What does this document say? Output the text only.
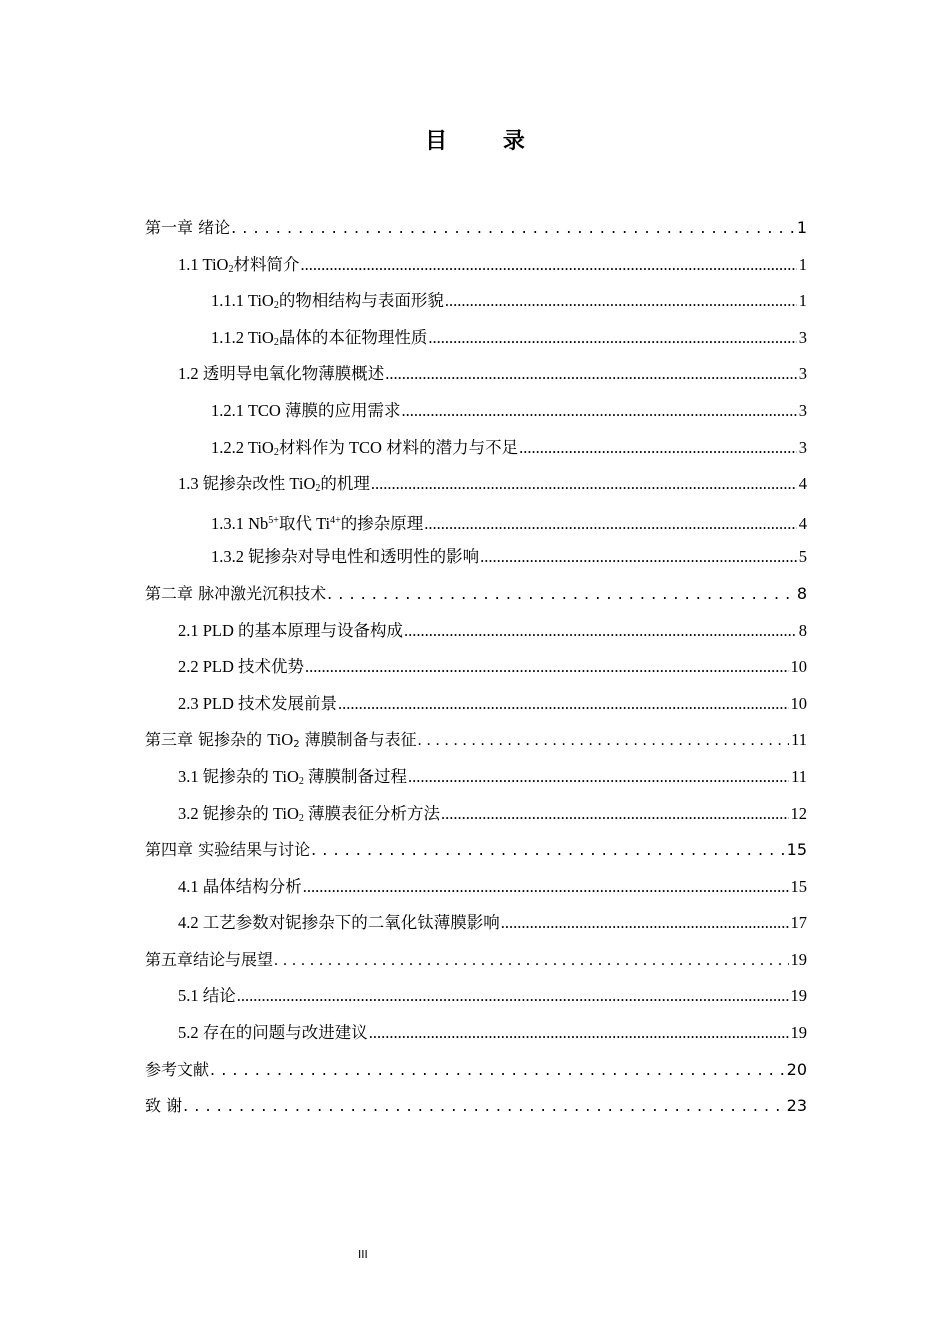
目 录
第一章 绪论 . . .	1
1.1 TiO$_2$材料简介 .....	1
1.1.1 TiO$_2$的物相结构与表面形貌 .....	1
1.1.2 TiO$_2$晶体的本征物理性质 .....	3
1.2 透明导电氧化物薄膜概述 .....	3
1.2.1 TCO 薄膜的应用需求 .....	3
1.2.2 TiO$_2$材料作为 TCO 材料的潜力与不足 .....	3
1.3 铌掺杂改性 TiO$_2$的机理 .....	4
1.3.1 $Nb^{5+}$取代 $Ti^{4+}$的掺杂原理 .....	4
1.3.2 铌掺杂对导电性和透明性的影响 .....	5
第二章 脉冲激光沉积技术 . . .	8
2.1 PLD 的基本原理与设备构成 .....	8
2.2 PLD 技术优势 .....	10
2.3 PLD 技术发展前景 .....	10
第三章 铌掺杂的 TiO$_2$ 薄膜制备与表征 . . .	11
3.1 铌掺杂的 TiO$_2$ 薄膜制备过程 .....	11
3.2 铌掺杂的 TiO$_2$ 薄膜表征分析方法 .....	12
第四章 实验结果与讨论 . . .	15
4.1 晶体结构分析 .....	15
4.2 工艺参数对铌掺杂下的二氧化钛薄膜影响 .....	17
第五章结论与展望 . . .	19
5.1 结论 .....	19
5.2 存在的问题与改进建议 .....	19
参考文献 . . .	20
致 谢 . . .	23
III
